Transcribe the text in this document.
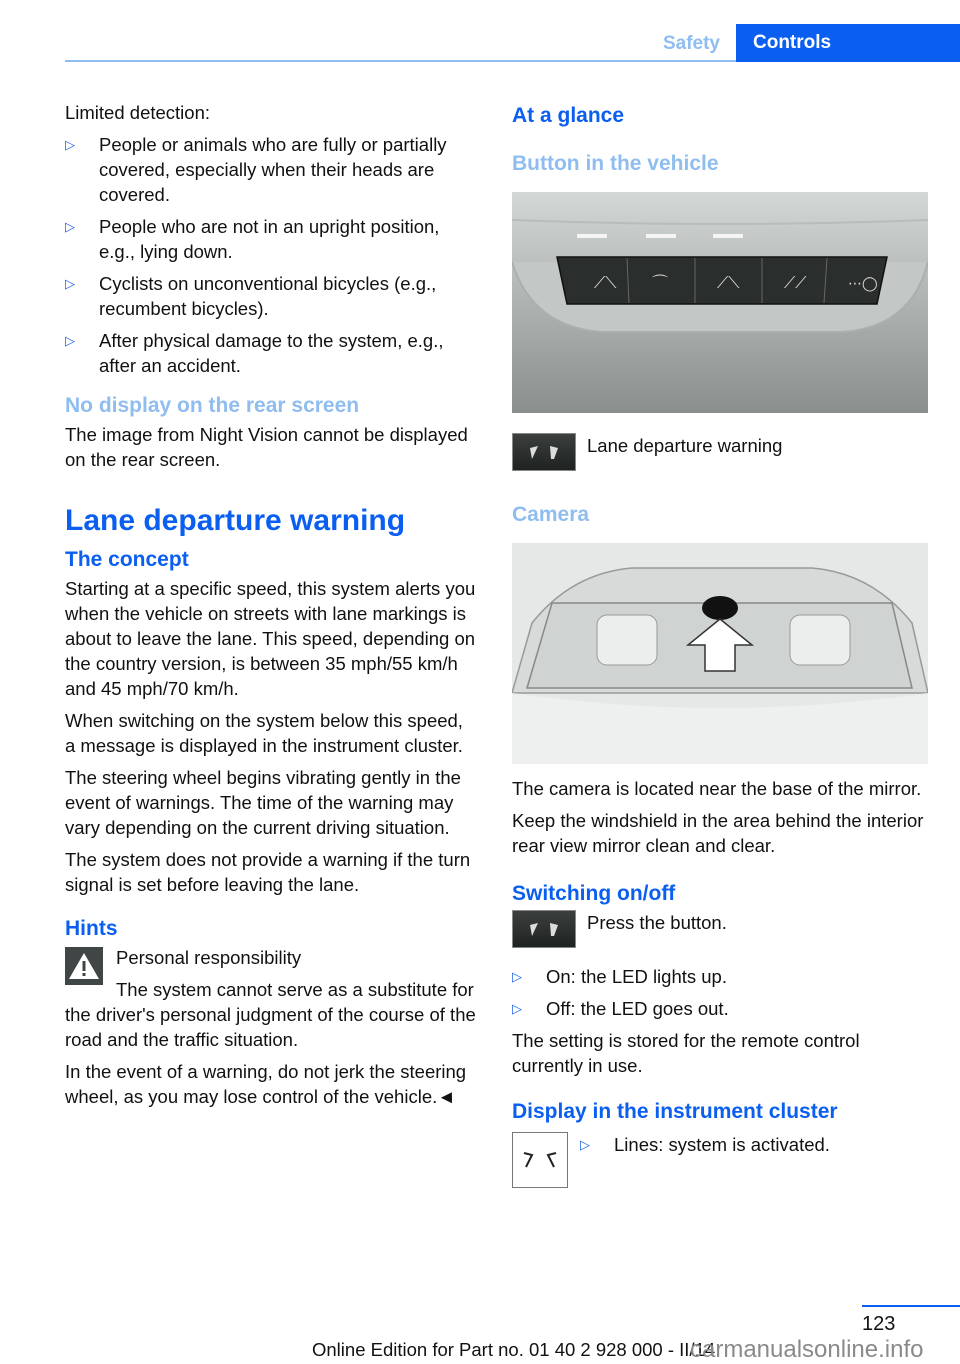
Safety	Controls

Limited detection:

▷ People or animals who are fully or partially covered, especially when their heads are covered.
▷ People who are not in an upright position, e.g., lying down.
▷ Cyclists on unconventional bicycles (e.g., recumbent bicycles).
▷ After physical damage to the system, e.g., after an accident.
No display on the rear screen

The image from Night Vision cannot be displayed on the rear screen.

Lane departure warning
The concept

Starting at a specific speed, this system alerts you when the vehicle on streets with lane markings is about to leave the lane. This speed, depending on the country version, is between 35 mph/55 km/h and 45 mph/70 km/h.

When switching on the system below this speed, a message is displayed in the instrument cluster.

The steering wheel begins vibrating gently in the event of warnings. The time of the warning may vary depending on the current driving situation.

The system does not provide a warning if the turn signal is set before leaving the lane.

Hints

Personal responsibility

The system cannot serve as a substitute for the driver's personal judgment of the course of the road and the traffic situation.

In the event of a warning, do not jerk the steering wheel, as you may lose control of the vehicle.◄

At a glance
Button in the vehicle
⟋⟍ ⌒	⟋⟍	⟋⟋	⋯◯
Lane departure warning
Camera

The camera is located near the base of the mirror.

Keep the windshield in the area behind the interior rear view mirror clean and clear.

Switching on/off
Press the button.
▷ On: the LED lights up.
▷ Off: the LED goes out.

The setting is stored for the remote control currently in use.

Display in the instrument cluster
▷ Lines: system is activated.
123
Online Edition for Part no. 01 40 2 928 000 - II/14
carmanualsonline.info
